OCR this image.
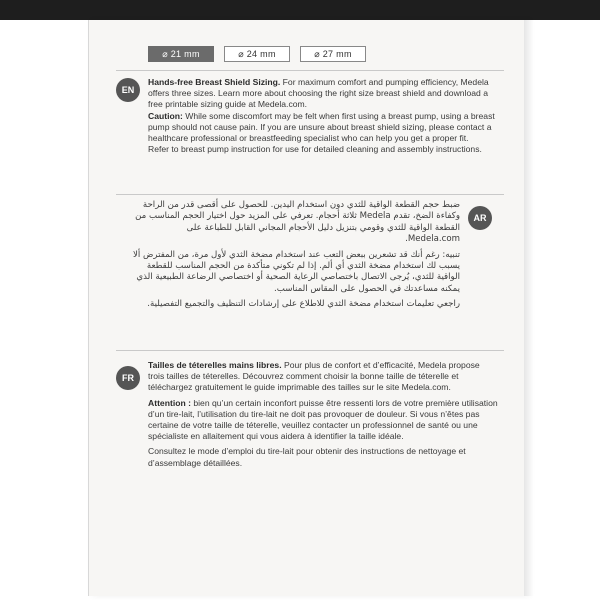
⌀ 21 mm	⌀ 24 mm	⌀ 27 mm
EN

Hands-free Breast Shield Sizing. For maximum comfort and pumping efficiency, Medela offers three sizes. Learn more about choosing the right size breast shield and download a free printable sizing guide at Medela.com.

Caution: While some discomfort may be felt when first using a breast pump, using a breast pump should not cause pain. If you are unsure about breast shield sizing, please contact a healthcare professional or breastfeeding specialist who can help you get a proper fit.

Refer to breast pump instruction for use for detailed cleaning and assembly instructions.

AR

ضبط حجم القطعة الواقية للثدي دون استخدام اليدين. للحصول على أقصى قدر من الراحة وكفاءة الضخ، تقدم Medela ثلاثة أحجام. تعرفي على المزيد حول اختيار الحجم المناسب من القطعة الواقية للثدي وقومي بتنزيل دليل الأحجام المجاني القابل للطباعة على Medela.com.

تنبيه: رغم أنك قد تشعرين ببعض التعب عند استخدام مضخة الثدي لأول مرة، من المفترض ألا يسبب لك استخدام مضخة الثدي أي ألم. إذا لم تكوني متأكدة من الحجم المناسب للقطعة الواقية للثدي، يُرجى الاتصال باختصاصي الرعاية الصحية أو اختصاصي الرضاعة الطبيعية الذي يمكنه مساعدتك في الحصول على المقاس المناسب.

راجعي تعليمات استخدام مضخة الثدي للاطلاع على إرشادات التنظيف والتجميع التفصيلية.

FR

Tailles de téterelles mains libres. Pour plus de confort et d’efficacité, Medela propose trois tailles de téterelles. Découvrez comment choisir la bonne taille de téterelle et téléchargez gratuitement le guide imprimable des tailles sur le site Medela.com.

Attention : bien qu’un certain inconfort puisse être ressenti lors de votre première utilisation d’un tire-lait, l’utilisation du tire-lait ne doit pas provoquer de douleur. Si vous n’êtes pas certaine de votre taille de téterelle, veuillez contacter un professionnel de santé ou une spécialiste en allaitement qui vous aidera à identifier la taille idéale.

Consultez le mode d’emploi du tire-lait pour obtenir des instructions de nettoyage et d’assemblage détaillées.
